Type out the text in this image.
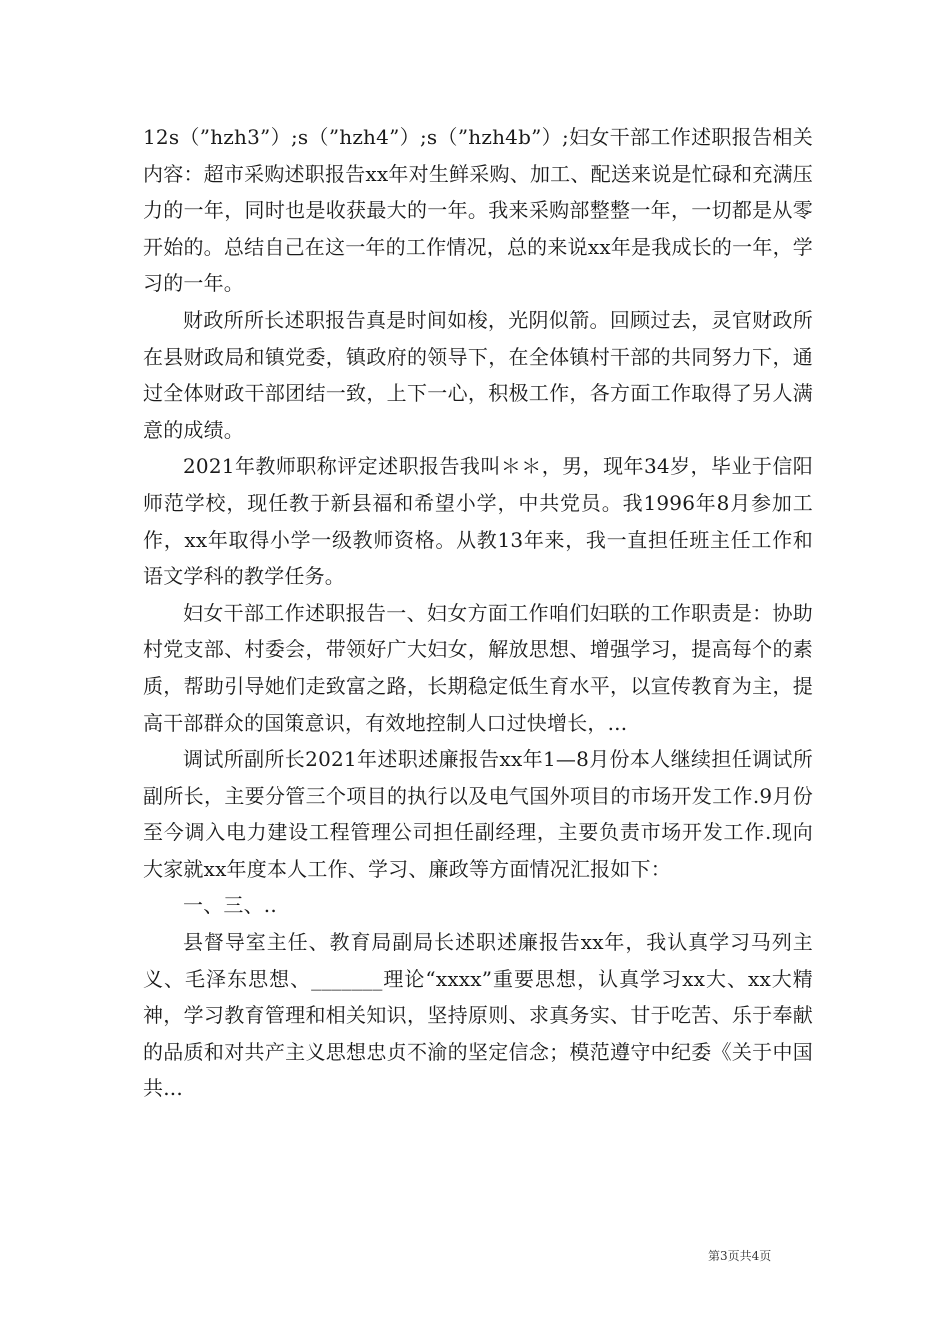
12s（”hzh3”）;s（”hzh4”）;s（”hzh4b”）;妇女干部工作述职报告相关内容：超市采购述职报告xx年对生鲜采购、加工、配送来说是忙碌和充满压力的一年，同时也是收获最大的一年。我来采购部整整一年，一切都是从零开始的。总结自己在这一年的工作情况，总的来说xx年是我成长的一年，学习的一年。

财政所所长述职报告真是时间如梭，光阴似箭。回顾过去，灵官财政所在县财政局和镇党委，镇政府的领导下，在全体镇村干部的共同努力下，通过全体财政干部团结一致，上下一心，积极工作，各方面工作取得了另人满意的成绩。

2021年教师职称评定述职报告我叫＊＊，男，现年34岁，毕业于信阳师范学校，现任教于新县福和希望小学，中共党员。我1996年8月参加工作，xx年取得小学一级教师资格。从教13年来，我一直担任班主任工作和语文学科的教学任务。

妇女干部工作述职报告一、妇女方面工作咱们妇联的工作职责是：协助村党支部、村委会，带领好广大妇女，解放思想、增强学习，提高每个的素质，帮助引导她们走致富之路，长期稳定低生育水平，以宣传教育为主，提高干部群众的国策意识，有效地控制人口过快增长，...

调试所副所长2021年述职述廉报告xx年1—8月份本人继续担任调试所副所长，主要分管三个项目的执行以及电气国外项目的市场开发工作.9月份至今调入电力建设工程管理公司担任副经理，主要负责市场开发工作.现向大家就xx年度本人工作、学习、廉政等方面情况汇报如下：

一、三、..

县督导室主任、教育局副局长述职述廉报告xx年，我认真学习马列主义、毛泽东思想、_______理论“xxxx”重要思想，认真学习xx大、xx大精神，学习教育管理和相关知识，坚持原则、求真务实、甘于吃苦、乐于奉献的品质和对共产主义思想忠贞不渝的坚定信念；模范遵守中纪委《关于中国共...

第3页共4页
